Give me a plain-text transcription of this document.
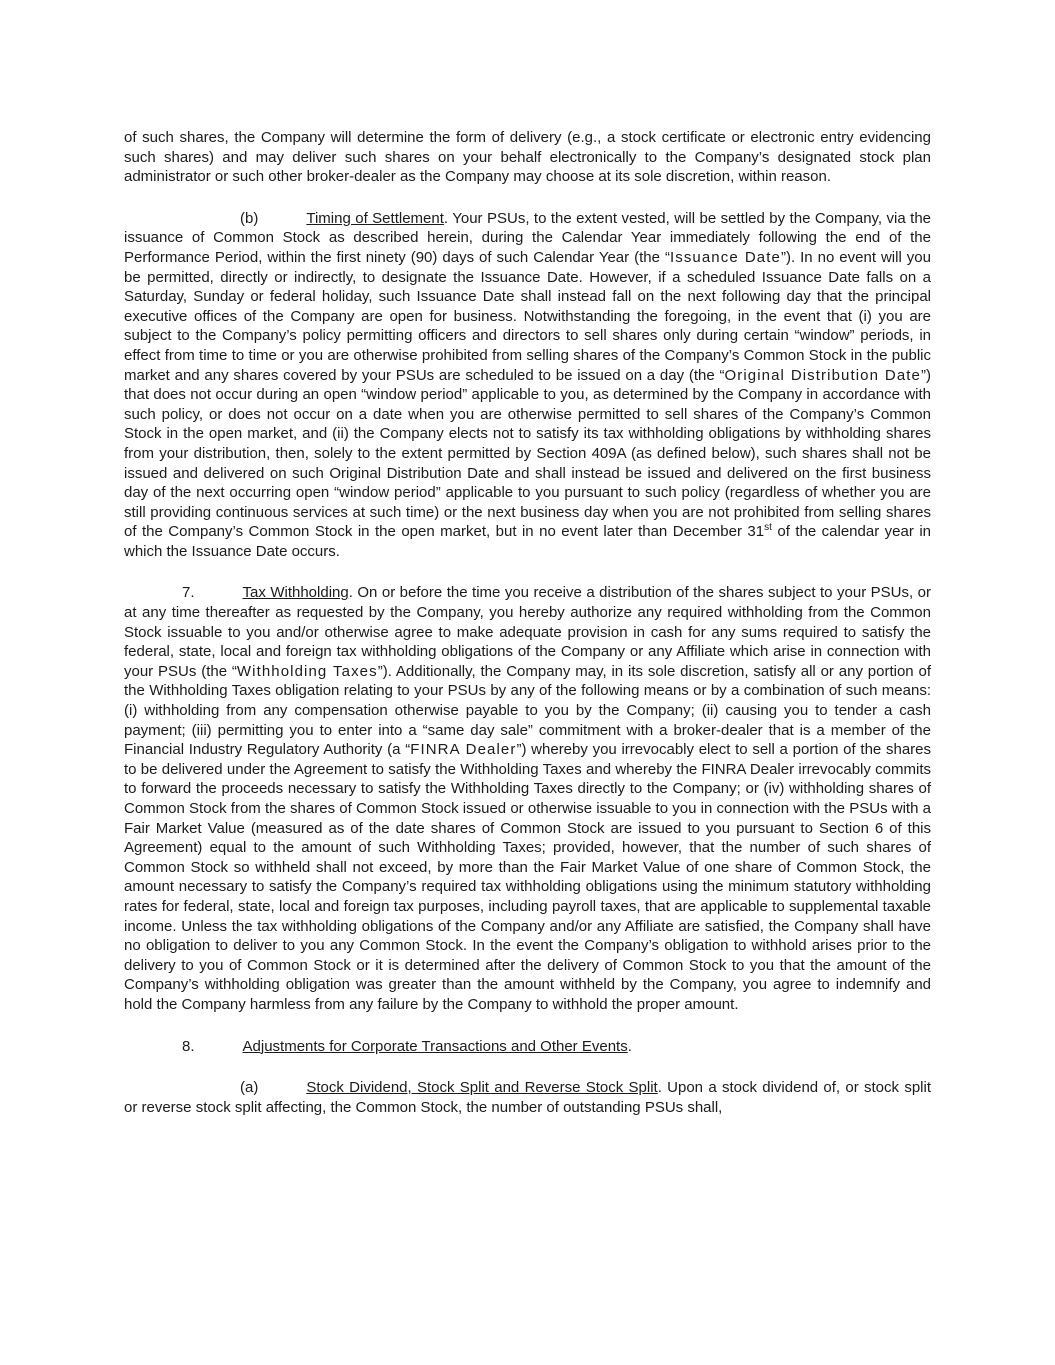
of such shares, the Company will determine the form of delivery (e.g., a stock certificate or electronic entry evidencing such shares) and may deliver such shares on your behalf electronically to the Company’s designated stock plan administrator or such other broker-dealer as the Company may choose at its sole discretion, within reason.

(b)	Timing of Settlement. Your PSUs, to the extent vested, will be settled by the Company, via the issuance of Common Stock as described herein, during the Calendar Year immediately following the end of the Performance Period, within the first ninety (90) days of such Calendar Year (the “Issuance Date”). In no event will you be permitted, directly or indirectly, to designate the Issuance Date. However, if a scheduled Issuance Date falls on a Saturday, Sunday or federal holiday, such Issuance Date shall instead fall on the next following day that the principal executive offices of the Company are open for business. Notwithstanding the foregoing, in the event that (i) you are subject to the Company’s policy permitting officers and directors to sell shares only during certain “window” periods, in effect from time to time or you are otherwise prohibited from selling shares of the Company’s Common Stock in the public market and any shares covered by your PSUs are scheduled to be issued on a day (the “Original Distribution Date”) that does not occur during an open “window period” applicable to you, as determined by the Company in accordance with such policy, or does not occur on a date when you are otherwise permitted to sell shares of the Company’s Common Stock in the open market, and (ii) the Company elects not to satisfy its tax withholding obligations by withholding shares from your distribution, then, solely to the extent permitted by Section 409A (as defined below), such shares shall not be issued and delivered on such Original Distribution Date and shall instead be issued and delivered on the first business day of the next occurring open “window period” applicable to you pursuant to such policy (regardless of whether you are still providing continuous services at such time) or the next business day when you are not prohibited from selling shares of the Company’s Common Stock in the open market, but in no event later than December 31st of the calendar year in which the Issuance Date occurs.

7.	Tax Withholding. On or before the time you receive a distribution of the shares subject to your PSUs, or at any time thereafter as requested by the Company, you hereby authorize any required withholding from the Common Stock issuable to you and/or otherwise agree to make adequate provision in cash for any sums required to satisfy the federal, state, local and foreign tax withholding obligations of the Company or any Affiliate which arise in connection with your PSUs (the “Withholding Taxes”). Additionally, the Company may, in its sole discretion, satisfy all or any portion of the Withholding Taxes obligation relating to your PSUs by any of the following means or by a combination of such means: (i) withholding from any compensation otherwise payable to you by the Company; (ii) causing you to tender a cash payment; (iii) permitting you to enter into a “same day sale” commitment with a broker-dealer that is a member of the Financial Industry Regulatory Authority (a “FINRA Dealer”) whereby you irrevocably elect to sell a portion of the shares to be delivered under the Agreement to satisfy the Withholding Taxes and whereby the FINRA Dealer irrevocably commits to forward the proceeds necessary to satisfy the Withholding Taxes directly to the Company; or (iv) withholding shares of Common Stock from the shares of Common Stock issued or otherwise issuable to you in connection with the PSUs with a Fair Market Value (measured as of the date shares of Common Stock are issued to you pursuant to Section 6 of this Agreement) equal to the amount of such Withholding Taxes; provided, however, that the number of such shares of Common Stock so withheld shall not exceed, by more than the Fair Market Value of one share of Common Stock, the amount necessary to satisfy the Company’s required tax withholding obligations using the minimum statutory withholding rates for federal, state, local and foreign tax purposes, including payroll taxes, that are applicable to supplemental taxable income. Unless the tax withholding obligations of the Company and/or any Affiliate are satisfied, the Company shall have no obligation to deliver to you any Common Stock. In the event the Company’s obligation to withhold arises prior to the delivery to you of Common Stock or it is determined after the delivery of Common Stock to you that the amount of the Company’s withholding obligation was greater than the amount withheld by the Company, you agree to indemnify and hold the Company harmless from any failure by the Company to withhold the proper amount.

8.	Adjustments for Corporate Transactions and Other Events.

(a)	Stock Dividend, Stock Split and Reverse Stock Split. Upon a stock dividend of, or stock split or reverse stock split affecting, the Common Stock, the number of outstanding PSUs shall,
